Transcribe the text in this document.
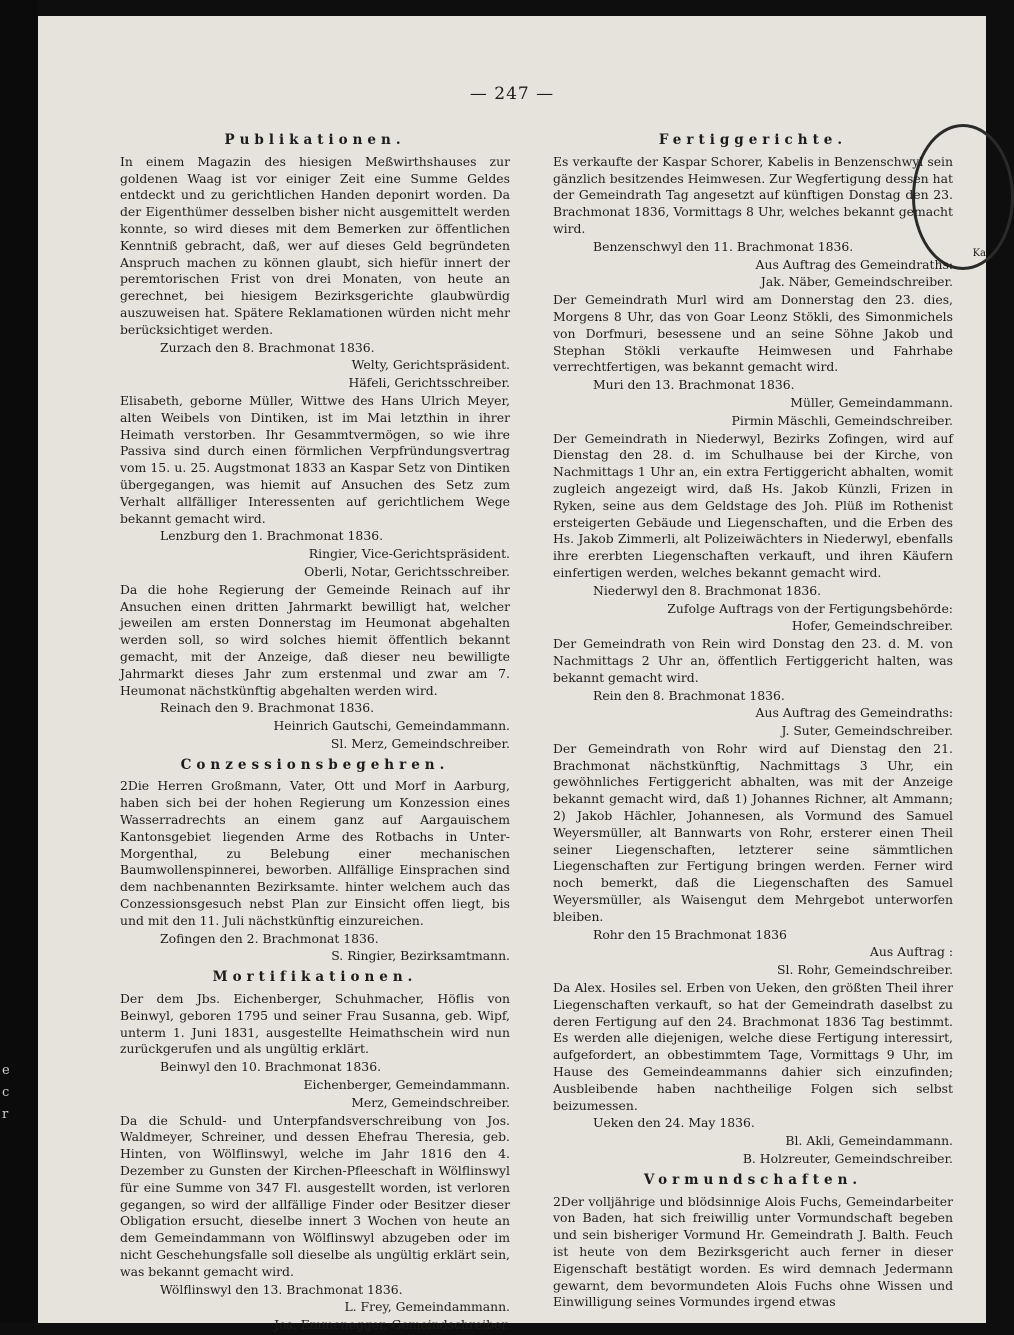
e
c
r
— 247 —
Ka
Publikationen.

In einem Magazin des hiesigen Meßwirthshauses zur goldenen Waag ist vor einiger Zeit eine Summe Geldes entdeckt und zu gerichtlichen Handen deponirt worden. Da der Eigenthümer desselben bisher nicht ausgemittelt werden konnte, so wird dieses mit dem Bemerken zur öffentlichen Kenntniß gebracht, daß, wer auf dieses Geld begründeten Anspruch machen zu können glaubt, sich hiefür innert der peremtorischen Frist von drei Monaten, von heute an gerechnet, bei hiesigem Bezirksgerichte glaubwürdig auszuweisen hat. Spätere Reklamationen würden nicht mehr berücksichtiget werden.

Zurzach den 8. Brachmonat 1836.

Welty, Gerichtspräsident.

Häfeli, Gerichtsschreiber.

Elisabeth, geborne Müller, Wittwe des Hans Ulrich Meyer, alten Weibels von Dintiken, ist im Mai letzthin in ihrer Heimath verstorben. Ihr Gesammtvermögen, so wie ihre Passiva sind durch einen förmlichen Verpfründungsvertrag vom 15. u. 25. Augstmonat 1833 an Kaspar Setz von Dintiken übergegangen, was hiemit auf Ansuchen des Setz zum Verhalt allfälliger Interessenten auf gerichtlichem Wege bekannt gemacht wird.

Lenzburg den 1. Brachmonat 1836.

Ringier, Vice-Gerichtspräsident.

Oberli, Notar, Gerichtsschreiber.

Da die hohe Regierung der Gemeinde Reinach auf ihr Ansuchen einen dritten Jahrmarkt bewilligt hat, welcher jeweilen am ersten Donnerstag im Heumonat abgehalten werden soll, so wird solches hiemit öffentlich bekannt gemacht, mit der Anzeige, daß dieser neu bewilligte Jahrmarkt dieses Jahr zum erstenmal und zwar am 7. Heumonat nächstkünftig abgehalten werden wird.

Reinach den 9. Brachmonat 1836.

Heinrich Gautschi, Gemeindammann.

Sl. Merz, Gemeindschreiber.

Conzessionsbegehren.

2Die Herren Großmann, Vater, Ott und Morf in Aarburg, haben sich bei der hohen Regierung um Konzession eines Wasserradrechts an einem ganz auf Aargauischem Kantonsgebiet liegenden Arme des Rotbachs in Unter-Morgenthal, zu Belebung einer mechanischen Baumwollenspinnerei, beworben. Allfällige Einsprachen sind dem nachbenannten Bezirksamte. hinter welchem auch das Conzessionsgesuch nebst Plan zur Einsicht offen liegt, bis und mit den 11. Juli nächstkünftig einzureichen.

Zofingen den 2. Brachmonat 1836.

S. Ringier, Bezirksamtmann.

Mortifikationen.

Der dem Jbs. Eichenberger, Schuhmacher, Höflis von Beinwyl, geboren 1795 und seiner Frau Susanna, geb. Wipf, unterm 1. Juni 1831, ausgestellte Heimathschein wird nun zurückgerufen und als ungültig erklärt.

Beinwyl den 10. Brachmonat 1836.

Eichenberger, Gemeindammann.

Merz, Gemeindschreiber.

Da die Schuld- und Unterpfandsverschreibung von Jos. Waldmeyer, Schreiner, und dessen Ehefrau Theresia, geb. Hinten, von Wölflinswyl, welche im Jahr 1816 den 4. Dezember zu Gunsten der Kirchen-Pfleeschaft in Wölflinswyl für eine Summe von 347 Fl. ausgestellt worden, ist verloren gegangen, so wird der allfällige Finder oder Besitzer dieser Obligation ersucht, dieselbe innert 3 Wochen von heute an dem Gemeindammann von Wölflinswyl abzugeben oder im nicht Geschehungsfalle soll dieselbe als ungültig erklärt sein, was bekannt gemacht wird.

Wölflinswyl den 13. Brachmonat 1836.

L. Frey, Gemeindammann.

Jos. Emmenegger, Gemeindschreiber.

Fertiggerichte.

Es verkaufte der Kaspar Schorer, Kabelis in Benzenschwyl sein gänzlich besitzendes Heimwesen. Zur Wegfertigung dessen hat der Gemeindrath Tag angesetzt auf künftigen Donstag den 23. Brachmonat 1836, Vormittags 8 Uhr, welches bekannt gemacht wird.

Benzenschwyl den 11. Brachmonat 1836.

Aus Auftrag des Gemeindraths:

Jak. Näber, Gemeindschreiber.

Der Gemeindrath Murl wird am Donnerstag den 23. dies, Morgens 8 Uhr, das von Goar Leonz Stökli, des Simonmichels von Dorfmuri, besessene und an seine Söhne Jakob und Stephan Stökli verkaufte Heimwesen und Fahrhabe verrechtfertigen, was bekannt gemacht wird.

Muri den 13. Brachmonat 1836.

Müller, Gemeindammann.

Pirmin Mäschli, Gemeindschreiber.

Der Gemeindrath in Niederwyl, Bezirks Zofingen, wird auf Dienstag den 28. d. im Schulhause bei der Kirche, von Nachmittags 1 Uhr an, ein extra Fertiggericht abhalten, womit zugleich angezeigt wird, daß Hs. Jakob Künzli, Frizen in Ryken, seine aus dem Geldstage des Joh. Plüß im Rothenist ersteigerten Gebäude und Liegenschaften, und die Erben des Hs. Jakob Zimmerli, alt Polizeiwächters in Niederwyl, ebenfalls ihre ererbten Liegenschaften verkauft, und ihren Käufern einfertigen werden, welches bekannt gemacht wird.

Niederwyl den 8. Brachmonat 1836.

Zufolge Auftrags von der Fertigungsbehörde:

Hofer, Gemeindschreiber.

Der Gemeindrath von Rein wird Donstag den 23. d. M. von Nachmittags 2 Uhr an, öffentlich Fertiggericht halten, was bekannt gemacht wird.

Rein den 8. Brachmonat 1836.

Aus Auftrag des Gemeindraths:

J. Suter, Gemeindschreiber.

Der Gemeindrath von Rohr wird auf Dienstag den 21. Brachmonat nächstkünftig, Nachmittags 3 Uhr, ein gewöhnliches Fertiggericht abhalten, was mit der Anzeige bekannt gemacht wird, daß 1) Johannes Richner, alt Ammann; 2) Jakob Hächler, Johannesen, als Vormund des Samuel Weyersmüller, alt Bannwarts von Rohr, ersterer einen Theil seiner Liegenschaften, letzterer seine sämmtlichen Liegenschaften zur Fertigung bringen werden. Ferner wird noch bemerkt, daß die Liegenschaften des Samuel Weyersmüller, als Waisengut dem Mehrgebot unterworfen bleiben.

Rohr den 15 Brachmonat 1836

Aus Auftrag :

Sl. Rohr, Gemeindschreiber.

Da Alex. Hosiles sel. Erben von Ueken, den größten Theil ihrer Liegenschaften verkauft, so hat der Gemeindrath daselbst zu deren Fertigung auf den 24. Brachmonat 1836 Tag bestimmt. Es werden alle diejenigen, welche diese Fertigung interessirt, aufgefordert, an obbestimmtem Tage, Vormittags 9 Uhr, im Hause des Gemeindeammanns dahier sich einzufinden; Ausbleibende haben nachtheilige Folgen sich selbst beizumessen.

Ueken den 24. May 1836.

Bl. Akli, Gemeindammann.

B. Holzreuter, Gemeindschreiber.

Vormundschaften.

2Der volljährige und blödsinnige Alois Fuchs, Gemeindarbeiter von Baden, hat sich freiwillig unter Vormundschaft begeben und sein bisheriger Vormund Hr. Gemeindrath J. Balth. Feuch ist heute von dem Bezirksgericht auch ferner in dieser Eigenschaft bestätigt worden. Es wird demnach Jedermann gewarnt, dem bevormundeten Alois Fuchs ohne Wissen und Einwilligung seines Vormundes irgend etwas
